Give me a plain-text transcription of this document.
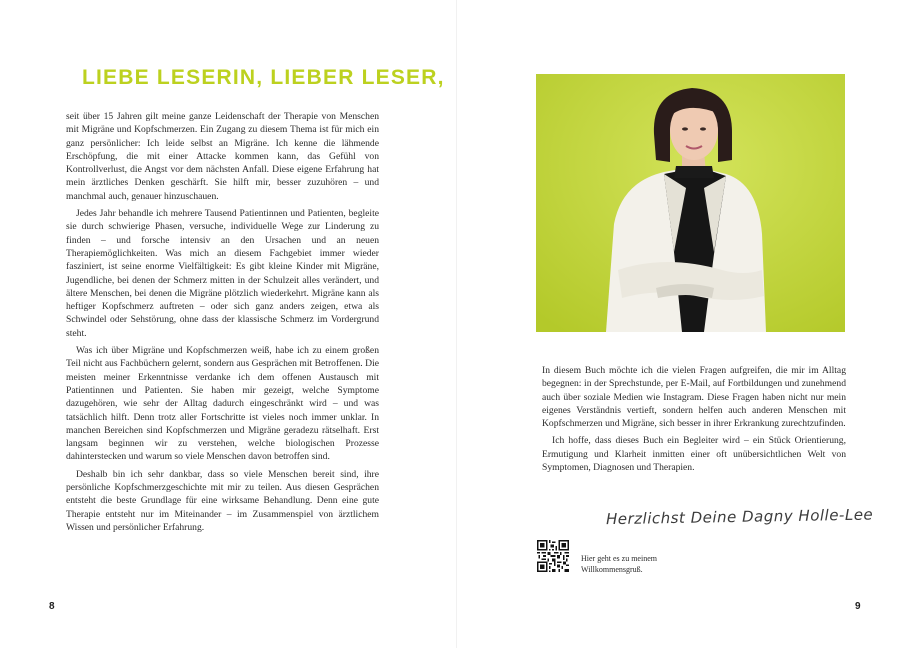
LIEBE LESERIN, LIEBER LESER,

seit über 15 Jahren gilt meine ganze Leidenschaft der Therapie von Menschen mit Migräne und Kopfschmerzen. Ein Zugang zu diesem Thema ist für mich ein ganz persönlicher: Ich leide selbst an Migräne. Ich kenne die lähmende Erschöpfung, die mit einer Attacke kommen kann, das Gefühl von Kontrollverlust, die Angst vor dem nächsten Anfall. Diese eigene Erfahrung hat mein ärztliches Denken geschärft. Sie hilft mir, besser zuzuhören – und manchmal auch, genauer hinzuschauen.

Jedes Jahr behandle ich mehrere Tausend Patientinnen und Patienten, begleite sie durch schwierige Phasen, versuche, individuelle Wege zur Linderung zu finden – und forsche intensiv an den Ursachen und an neuen Therapiemöglichkeiten. Was mich an diesem Fachgebiet immer wieder fasziniert, ist seine enorme Vielfältigkeit: Es gibt kleine Kinder mit Migräne, Jugendliche, bei denen der Schmerz mitten in der Schulzeit alles verändert, und ältere Menschen, bei denen die Migräne plötzlich wiederkehrt. Migräne kann als heftiger Kopfschmerz auftreten – oder sich ganz anders zeigen, etwa als Schwindel oder Sehstörung, ohne dass der klassische Schmerz im Vordergrund steht.

Was ich über Migräne und Kopfschmerzen weiß, habe ich zu einem großen Teil nicht aus Fachbüchern gelernt, sondern aus Gesprächen mit Betroffenen. Die meisten meiner Erkenntnisse verdanke ich dem offenen Austausch mit Patientinnen und Patienten. Sie haben mir gezeigt, welche Symptome dazugehören, wie sehr der Alltag dadurch eingeschränkt wird – und was tatsächlich hilft. Denn trotz aller Fortschritte ist vieles noch immer unklar. In manchen Bereichen sind Kopfschmerzen und Migräne geradezu rätselhaft. Erst langsam beginnen wir zu verstehen, welche biologischen Prozesse dahinterstecken und warum so viele Menschen davon betroffen sind.

Deshalb bin ich sehr dankbar, dass so viele Menschen bereit sind, ihre persönliche Kopfschmerzgeschichte mit mir zu teilen. Aus diesen Gesprächen entsteht die beste Grundlage für eine wirksame Behandlung. Denn eine gute Therapie entsteht nur im Miteinander – im Zusammenspiel von ärztlichem Wissen und persönlicher Erfahrung.

8

In diesem Buch möchte ich die vielen Fragen aufgreifen, die mir im Alltag begegnen: in der Sprechstunde, per E-Mail, auf Fortbildungen und zunehmend auch über soziale Medien wie Instagram. Diese Fragen haben nicht nur mein eigenes Verständnis vertieft, sondern helfen auch anderen Menschen mit Kopfschmerzen und Migräne, sich besser in ihrer Erkrankung zurechtzufinden.

Ich hoffe, dass dieses Buch ein Begleiter wird – ein Stück Orientierung, Ermutigung und Klarheit inmitten einer oft unübersichtlichen Welt von Symptomen, Diagnosen und Therapien.

Herzlichst Deine Dagny Holle-Lee
Hier geht es zu meinem
Willkommensgruß.
9
